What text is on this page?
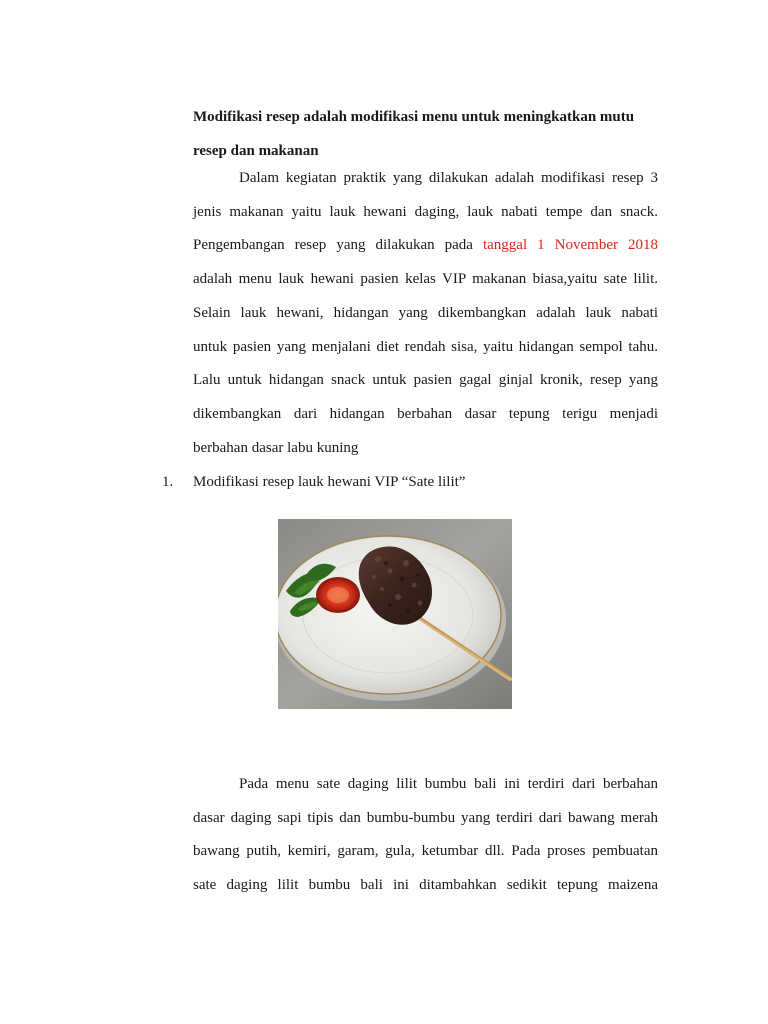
Modifikasi resep adalah modifikasi menu untuk meningkatkan mutu resep dan makanan
Dalam kegiatan praktik yang dilakukan adalah modifikasi resep 3
jenis makanan yaitu lauk hewani daging, lauk nabati tempe dan snack.
Pengembangan resep yang dilakukan pada tanggal 1 November 2018
adalah menu lauk hewani pasien kelas VIP makanan biasa,yaitu sate lilit.
Selain lauk hewani, hidangan yang dikembangkan adalah lauk nabati
untuk pasien yang menjalani diet rendah sisa, yaitu hidangan sempol tahu.
Lalu untuk hidangan snack untuk pasien gagal ginjal kronik, resep yang
dikembangkan dari hidangan berbahan dasar tepung terigu menjadi
berbahan dasar labu kuning
1. Modifikasi resep lauk hewani VIP “Sate lilit”
Pada menu sate daging lilit bumbu bali ini terdiri dari berbahan
dasar daging sapi tipis dan bumbu-bumbu yang terdiri dari bawang merah
bawang putih, kemiri, garam, gula, ketumbar dll. Pada proses pembuatan
sate daging lilit bumbu bali ini ditambahkan sedikit tepung maizena
